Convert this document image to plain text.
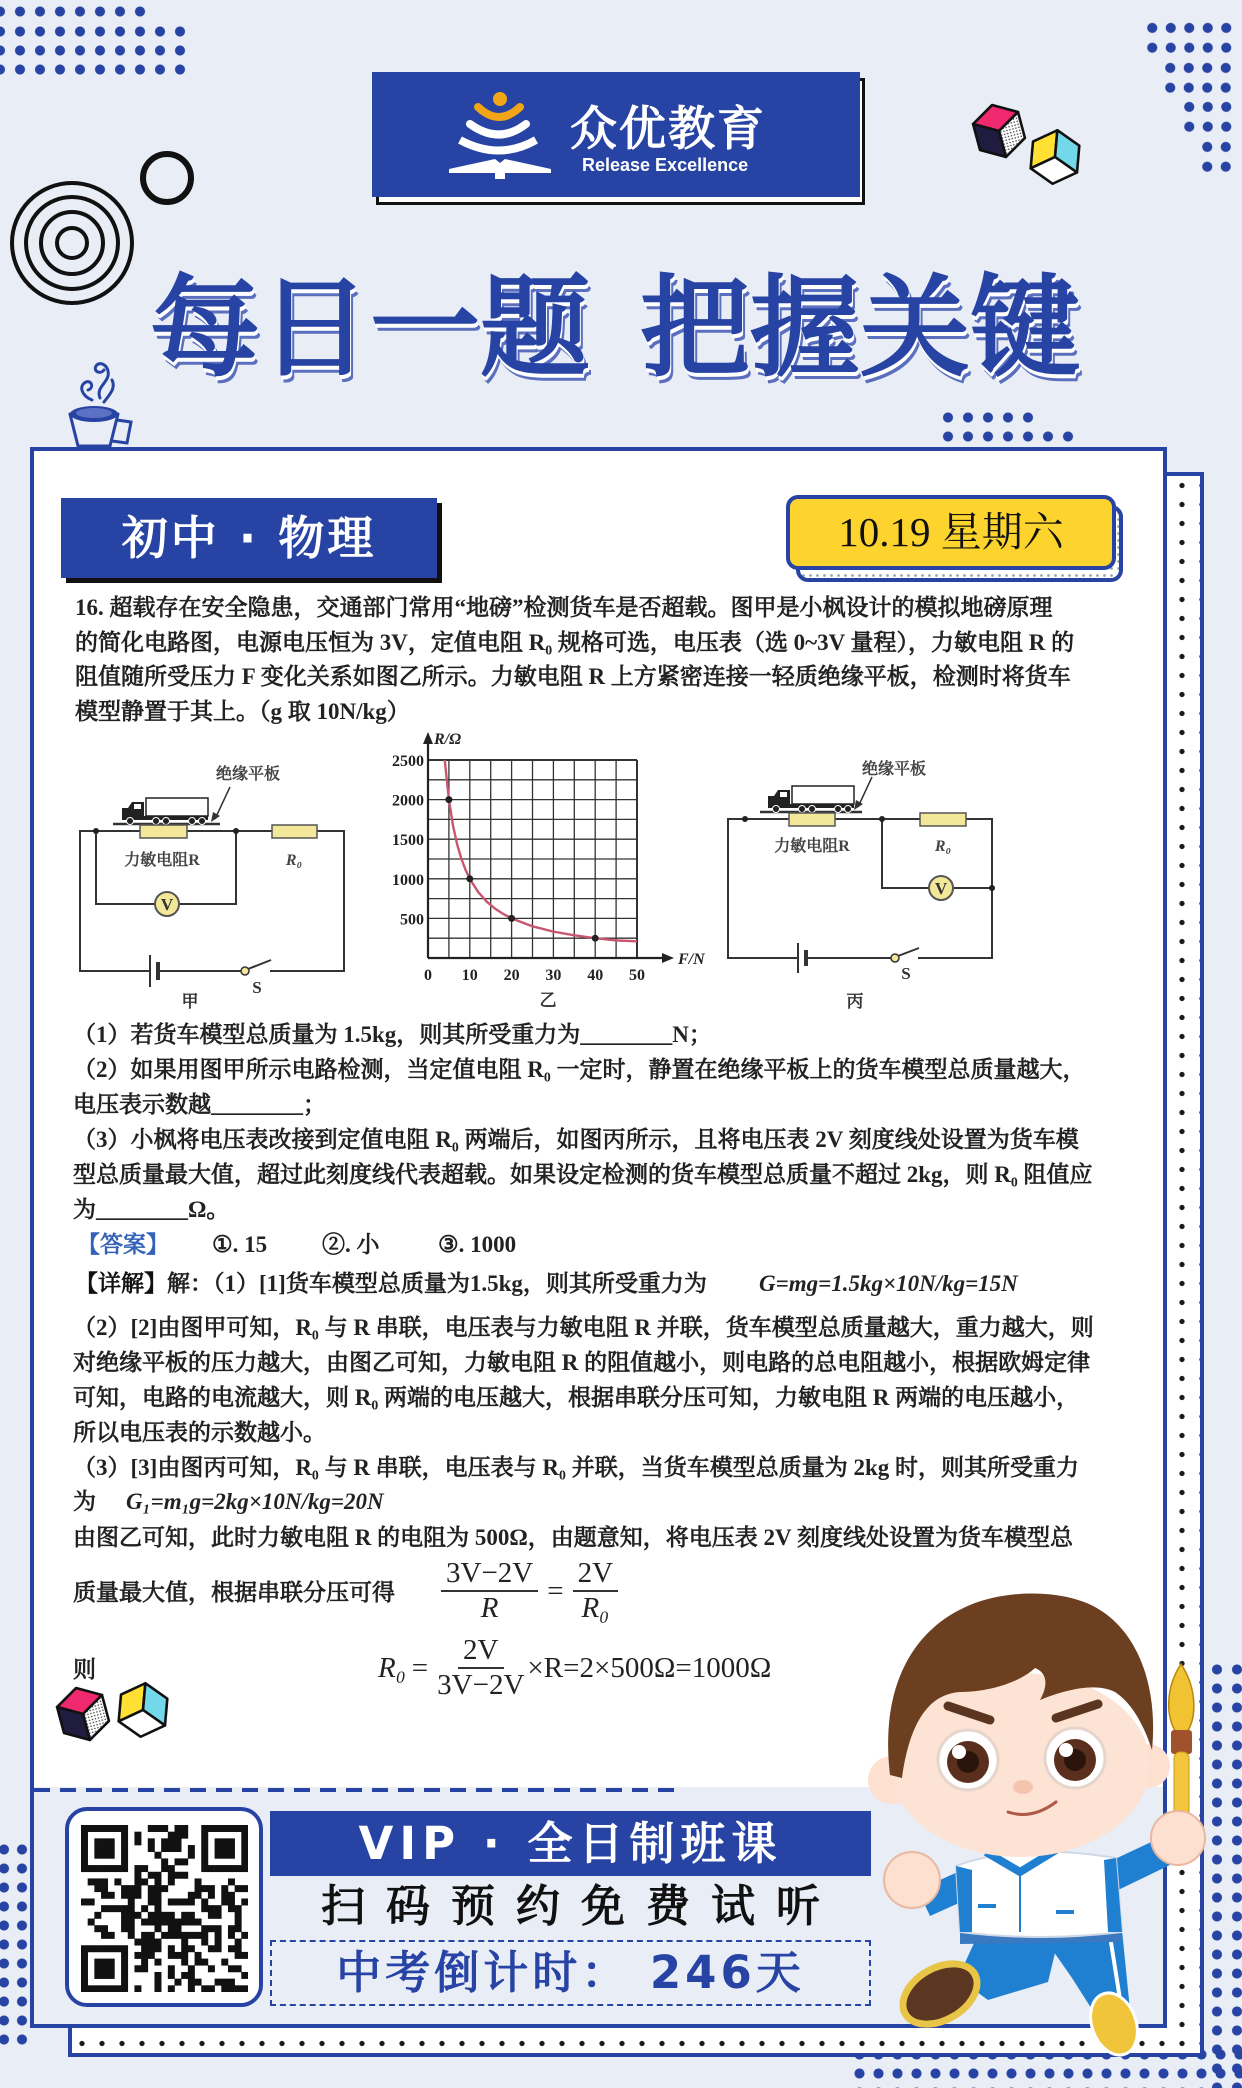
众优教育
Release Excellence
每日一题 把握关键
初中 · 物理	10.19 星期六
16. 超载存在安全隐患，交通部门常用“地磅”检测货车是否超载。图甲是小枫设计的模拟地磅原理
的简化电路图，电源电压恒为 3V，定值电阻 R₀ 规格可选，电压表（选 0~3V 量程），力敏电阻 R 的
阻值随所受压力 F 变化关系如图乙所示。力敏电阻 R 上方紧密连接一轻质绝缘平板，检测时将货车
模型静置于其上。（g 取 10N/kg）
V
绝缘平板
力敏电阻R	R₀
S
甲
0 10 20 30 40 50
500
1000
1500
2000
2500
R/Ω
F/N
乙
V
绝缘平板
力敏电阻R	R₀
S
丙
（1）若货车模型总质量为 1.5kg，则其所受重力为________N；
（2）如果用图甲所示电路检测，当定值电阻 R₀ 一定时，静置在绝缘平板上的货车模型总质量越大，
电压表示数越________；
（3）小枫将电压表改接到定值电阻 R₀ 两端后，如图丙所示，且将电压表 2V 刻度线处设置为货车模
型总质量最大值，超过此刻度线代表超载。如果设定检测的货车模型总质量不超过 2kg，则 R₀ 阻值应
为________Ω。
【答案】 ①. 15 ②. 小	③. 1000
【详解】解：（1）[1]货车模型总质量为1.5kg，则其所受重力为 G=mg=1.5kg×10N/kg=15N
（2）[2]由图甲可知，R₀ 与 R 串联，电压表与力敏电阻 R 并联，货车模型总质量越大，重力越大，则
对绝缘平板的压力越大，由图乙可知，力敏电阻 R 的阻值越小，则电路的总电阻越小，根据欧姆定律
可知，电路的电流越大，则 R₀ 两端的电压越大，根据串联分压可知，力敏电阻 R 两端的电压越小，
所以电压表的示数越小。
（3）[3]由图丙可知，R₀ 与 R 串联，电压表与 R₀ 并联，当货车模型总质量为 2kg 时，则其所受重力
为 G₁=m₁g=2kg×10N/kg=20N
由图乙可知，此时力敏电阻 R 的电阻为 500Ω，由题意知，将电压表 2V 刻度线处设置为货车模型总
质量最大值，根据串联分压可得 $\frac{3V-2V}{R} = \frac{2V}{\text{R₀}}$
则	$R_0 = \frac{2V}{3V-2V} \times R=2\times 500\Omega=1000\Omega$
VIP · 全日制班课
扫码预约免费试听
中考倒计时： 246天
